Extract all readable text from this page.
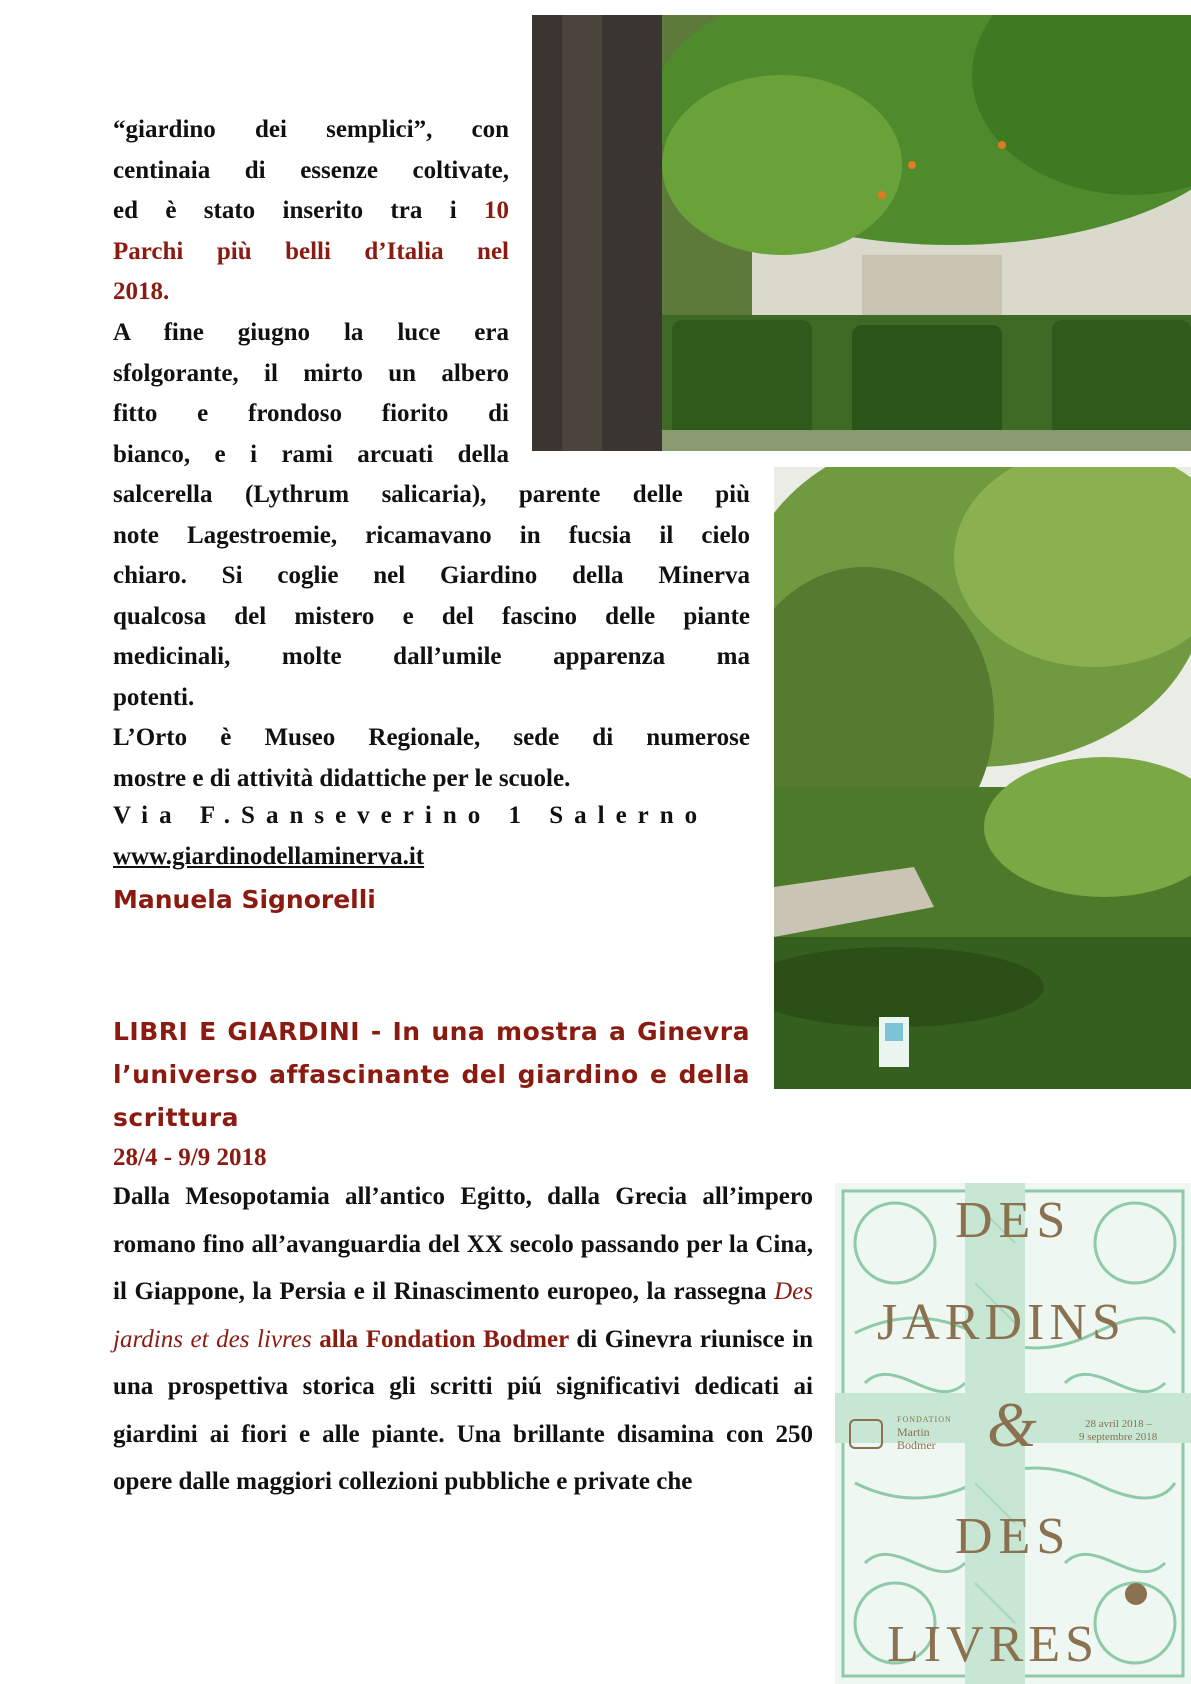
“giardino dei semplici”, con
centinaia di essenze coltivate,
ed è stato inserito tra i 10
Parchi più belli d’Italia nel
2018.
A fine giugno la luce era
sfolgorante, il mirto un albero
fitto e frondoso fiorito di
bianco, e i rami arcuati della
salcerella (Lythrum salicaria), parente delle più
note Lagestroemie, ricamavano in fucsia il cielo
chiaro. Si coglie nel Giardino della Minerva
qualcosa del mistero e del fascino delle piante
medicinali, molte dall’umile apparenza ma
potenti.
L’Orto è Museo Regionale, sede di numerose
mostre e di attività didattiche per le scuole.
Via F.Sanseverino 1 Salerno
www.giardinodellaminerva.it
Manuela Signorelli
LIBRI E GIARDINI - In una mostra a Ginevra
l’universo affascinante del giardino e della
scrittura
28/4 - 9/9 2018

Dalla Mesopotamia all’antico Egitto, dalla Grecia all’impero romano fino all’avanguardia del XX secolo passando per la Cina, il Giappone, la Persia e il Rinascimento europeo, la rassegna Des jardins et des livres alla Fondation Bodmer di Ginevra riunisce in una prospettiva storica gli scritti piú significativi dedicati ai giardini ai fiori e alle piante. Una brillante disamina con 250 opere dalle maggiori collezioni pubbliche e private che

DES
JARDINS
&
FONDATION
Martin
Bodmer
28 avril 2018 –
9 septembre 2018
DES
LIVRES
